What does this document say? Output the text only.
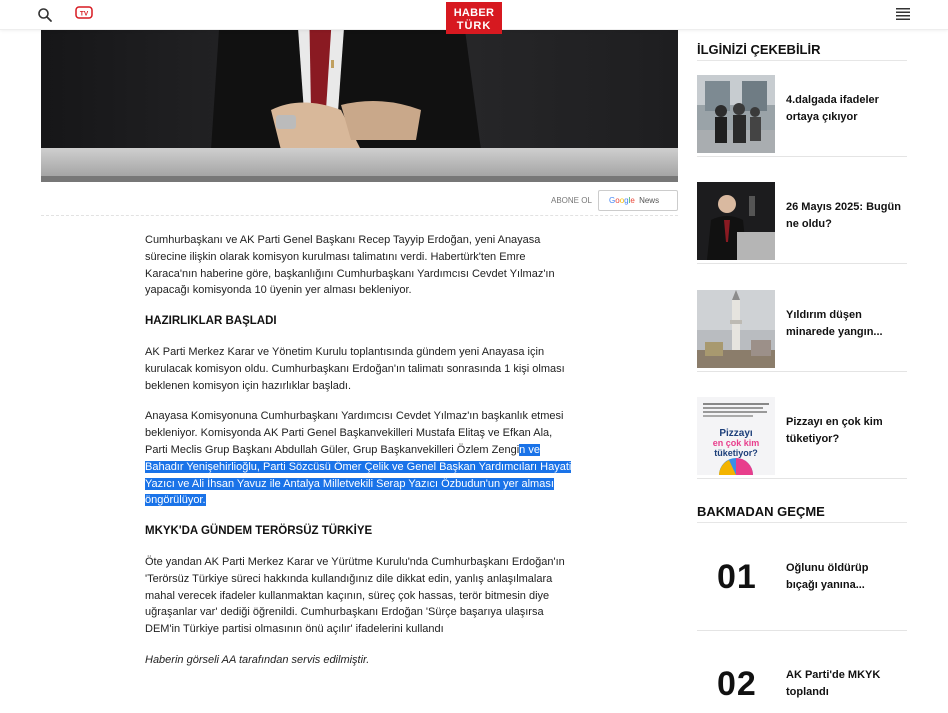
TV	HABER
TÜRK
ABONE OL	Google News

Cumhurbaşkanı ve AK Parti Genel Başkanı Recep Tayyip Erdoğan, yeni Anayasa sürecine ilişkin olarak komisyon kurulması talimatını verdi. Habertürk'ten Emre Karaca'nın haberine göre, başkanlığını Cumhurbaşkanı Yardımcısı Cevdet Yılmaz'ın yapacağı komisyonda 10 üyenin yer alması bekleniyor.

HAZIRLIKLAR BAŞLADI

AK Parti Merkez Karar ve Yönetim Kurulu toplantısında gündem yeni Anayasa için kurulacak komisyon oldu. Cumhurbaşkanı Erdoğan'ın talimatı sonrasında 1 kişi olması beklenen komisyon için hazırlıklar başladı.

Anayasa Komisyonuna Cumhurbaşkanı Yardımcısı Cevdet Yılmaz'ın başkanlık etmesi bekleniyor. Komisyonda AK Parti Genel Başkanvekilleri Mustafa Elitaş ve Efkan Ala, Parti Meclis Grup Başkanı Abdullah Güler, Grup Başkanvekilleri Özlem Zengin ve Bahadır Yenişehirlioğlu, Parti Sözcüsü Ömer Çelik ve Genel Başkan Yardımcıları Hayati Yazıcı ve Ali İhsan Yavuz ile Antalya Milletvekili Serap Yazıcı Özbudun'un yer alması öngörülüyor.

MKYK'DA GÜNDEM TERÖRSÜZ TÜRKİYE

Öte yandan AK Parti Merkez Karar ve Yürütme Kurulu'nda Cumhurbaşkanı Erdoğan'ın 'Terörsüz Türkiye süreci hakkında kullandığınız dile dikkat edin, yanlış anlaşılmalara mahal verecek ifadeler kullanmaktan kaçının, süreç çok hassas, terör bitmesin diye uğraşanlar var' dediği öğrenildi. Cumhurbaşkanı Erdoğan 'Sürçe başarıya ulaşırsa DEM'in Türkiye partisi olmasının önü açılır' ifadelerini kullandı

Haberin görseli AA tarafından servis edilmiştir.

İLGİNİZİ ÇEKEBİLİR
4.dalgada ifadeler ortaya çıkıyor
26 Mayıs 2025: Bugün ne oldu?
Yıldırım düşen minarede yangın...
Pizzayı
en çok kim
tüketiyor?
Pizzayı en çok kim tüketiyor?
BAKMADAN GEÇME
01	Oğlunu öldürüp bıçağı yanına...
02	AK Parti'de MKYK toplandı
